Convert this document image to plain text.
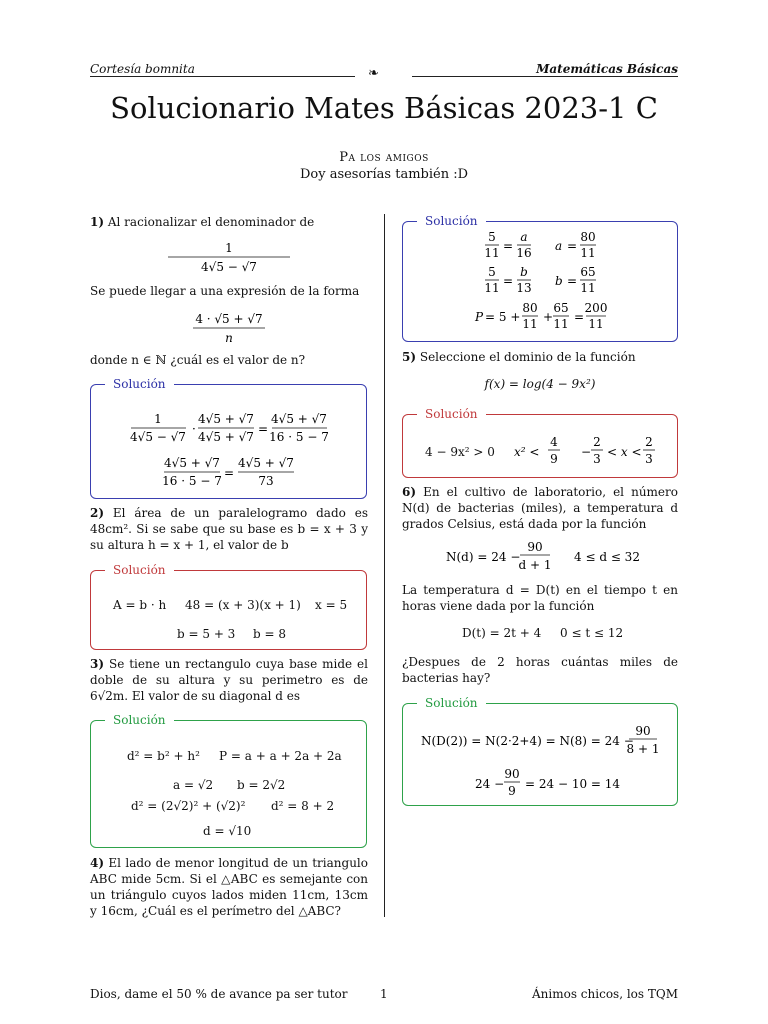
Cortesía bomnita	❧	Matemáticas Básicas
Solucionario Mates Básicas 2023-1 C
Pa los amigos
Doy asesorías también :D
1) Al racionalizar el denominador de
1
4√5 − √7
Se puede llegar a una expresión de la forma
4 · √5 + √7
n
donde n ∈ ℕ ¿cuál es el valor de n?
Solución
1
4√5 − √7
·
4√5 + √7
4√5 + √7
=
4√5 + √7
16 · 5 − 7
4√5 + √7
16 · 5 − 7
=
4√5 + √7
73
2) El área de un paralelogramo dado es 48cm². Si se sabe que su base es b = x + 3 y su altura h = x + 1, el valor de b
Solución
A = b · h 48 = (x + 3)(x + 1) x = 5
b = 5 + 3 b = 8
3) Se tiene un rectangulo cuya base mide el doble de su altura y su perimetro es de 6√2m. El valor de su diagonal d es
Solución
d² = b² + h² P = a + a + 2a + 2a
a = √2 b = 2√2
d² = (2√2)² + (√2)² d² = 8 + 2
d = √10
4) El lado de menor longitud de un triangulo ABC mide 5cm. Si el △ABC es semejante con un triángulo cuyos lados miden 11cm, 13cm y 16cm, ¿Cuál es el perímetro del △ABC?
Solución
5
11 =
a
16 a =
80
11
5
11 =
b
13 b =
65
11
P = 5 +
80
11 +
65
11 =
200
11
5) Seleccione el dominio de la función
f(x) = log(4 − 9x²)
Solución
4 − 9x² > 0 x² <
4
9 −
2
3 < x <
2
3
6) En el cultivo de laboratorio, el número N(d) de bacterias (miles), a temperatura d grados Celsius, está dada por la función
N(d) = 24 −
90
d + 1
4 ≤ d ≤ 32
La temperatura d = D(t) en el tiempo t en horas viene dada por la función
D(t) = 2t + 4 0 ≤ t ≤ 12
¿Despues de 2 horas cuántas miles de bacterias hay?
Solución
N(D(2)) = N(2·2+4) = N(8) = 24 −
90
8 + 1
24 −
90
9 = 24 − 10 = 14
Dios, dame el 50 % de avance pa ser tutor	1	Ánimos chicos, los TQM
